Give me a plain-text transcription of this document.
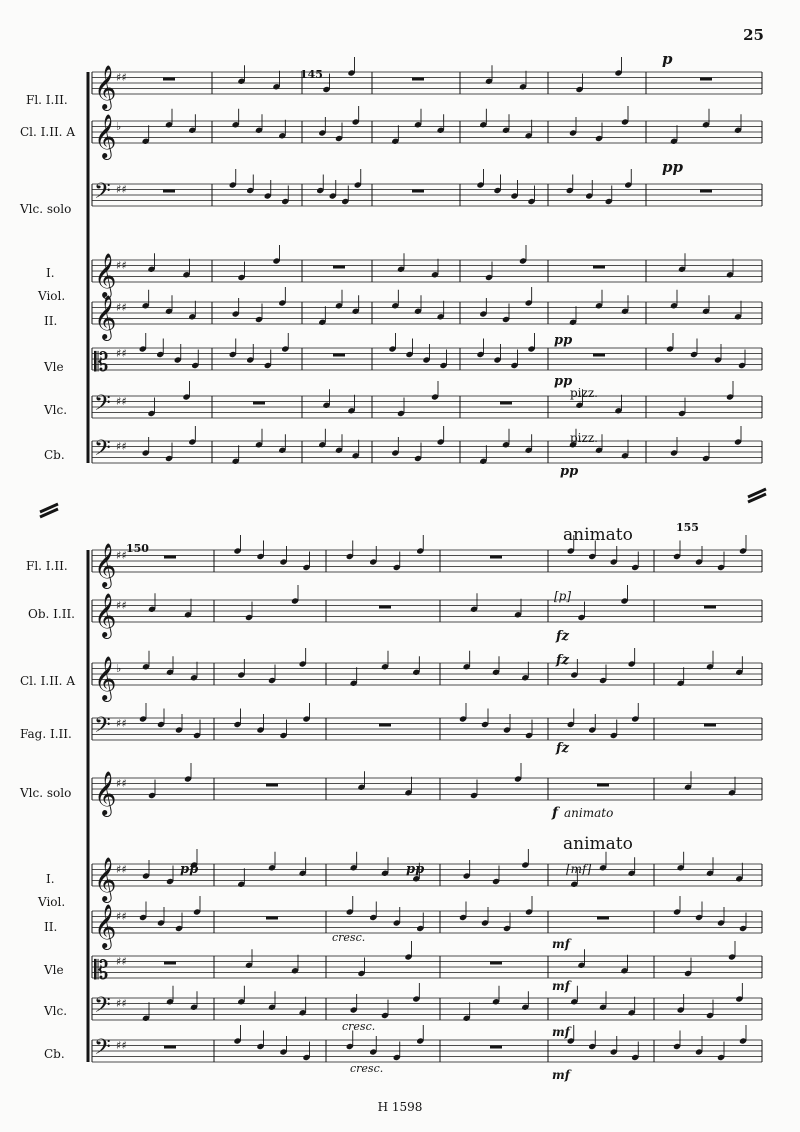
25
𝄞 ♯♯
𝄞 ♭
𝄢 ♯♯
𝄞 ♯♯
𝄞 ♯♯
𝄡 ♯♯
𝄢 ♯♯
𝄢 ♯♯
𝄞 ♯♯
𝄞 ♯♯
𝄞 ♭
𝄢 ♯♯
𝄞 ♯♯
𝄞 ♯♯
𝄞 ♯♯
𝄡 ♯♯
𝄢 ♯♯
𝄢 ♯♯
Fl. I.II.
Cl. I.II. A
Vlc. solo
I.
Viol.
II.
Vle
Vlc.
Cb.
145
p
pp
pp
pp
pizz.
pizz.
pp
Fl. I.II.
Ob. I.II.
Cl. I.II. A
Fag. I.II.
Vlc. solo
I.
Viol.
II.
Vle
Vlc.
Cb.
150
155
animato
animato
[p]
fz
fz
fz
f animato
pp	pp	[mf]
cresc.	mf
mf
cresc.	mf
cresc.	mf
H 1598
